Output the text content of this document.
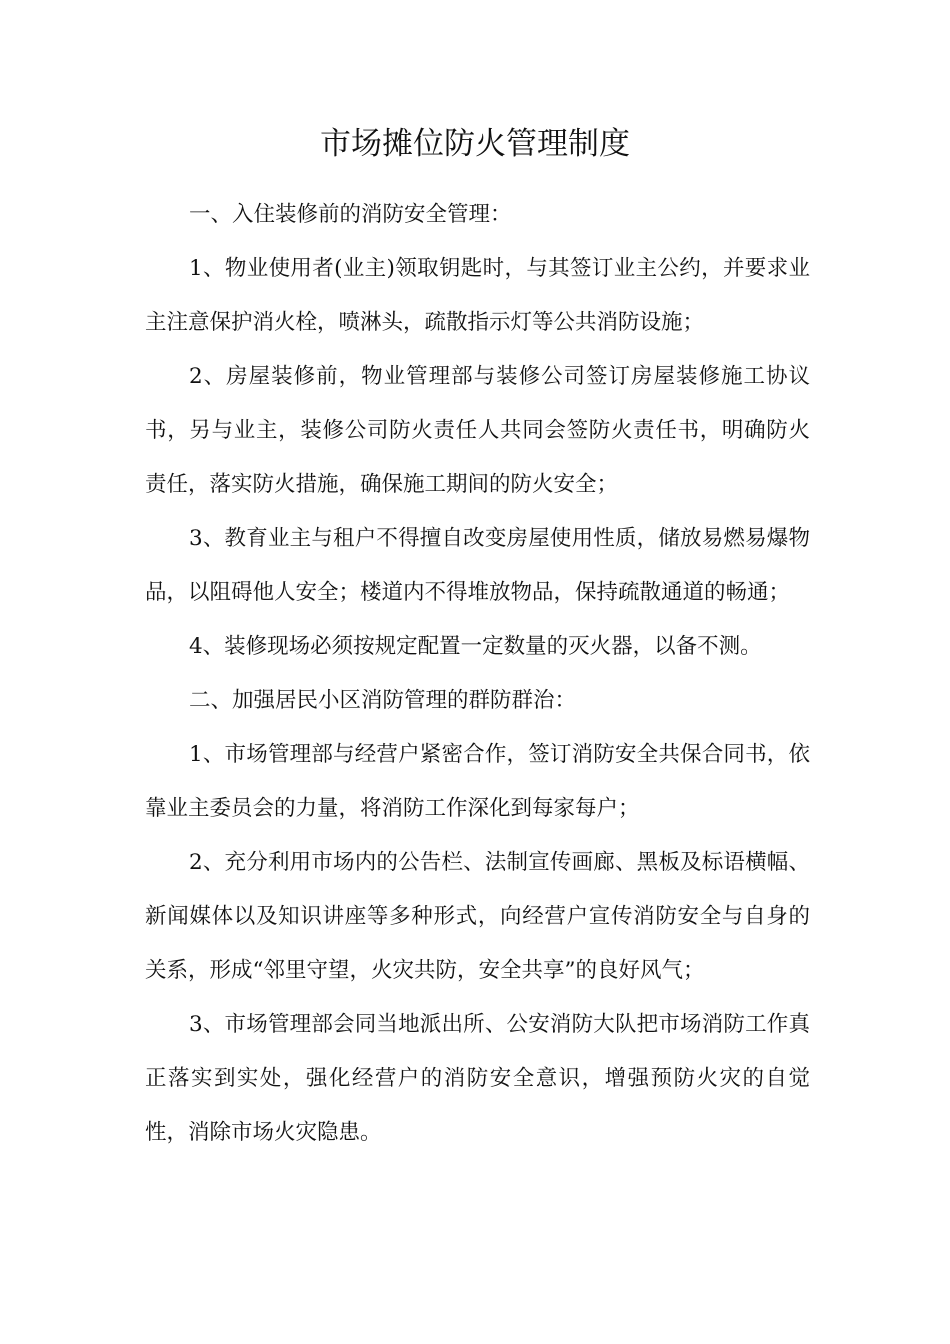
市场摊位防火管理制度

一、入住装修前的消防安全管理：

1、物业使用者(业主)领取钥匙时，与其签订业主公约，并要求业主注意保护消火栓，喷淋头，疏散指示灯等公共消防设施；

2、房屋装修前，物业管理部与装修公司签订房屋装修施工协议书，另与业主，装修公司防火责任人共同会签防火责任书，明确防火责任，落实防火措施，确保施工期间的防火安全；

3、教育业主与租户不得擅自改变房屋使用性质，储放易燃易爆物品，以阻碍他人安全；楼道内不得堆放物品，保持疏散通道的畅通；

4、装修现场必须按规定配置一定数量的灭火器，以备不测。

二、加强居民小区消防管理的群防群治：

1、市场管理部与经营户紧密合作，签订消防安全共保合同书，依靠业主委员会的力量，将消防工作深化到每家每户；

2、充分利用市场内的公告栏、法制宣传画廊、黑板及标语横幅、新闻媒体以及知识讲座等多种形式，向经营户宣传消防安全与自身的关系，形成“邻里守望，火灾共防，安全共享”的良好风气；

3、市场管理部会同当地派出所、公安消防大队把市场消防工作真正落实到实处，强化经营户的消防安全意识，增强预防火灾的自觉性，消除市场火灾隐患。
